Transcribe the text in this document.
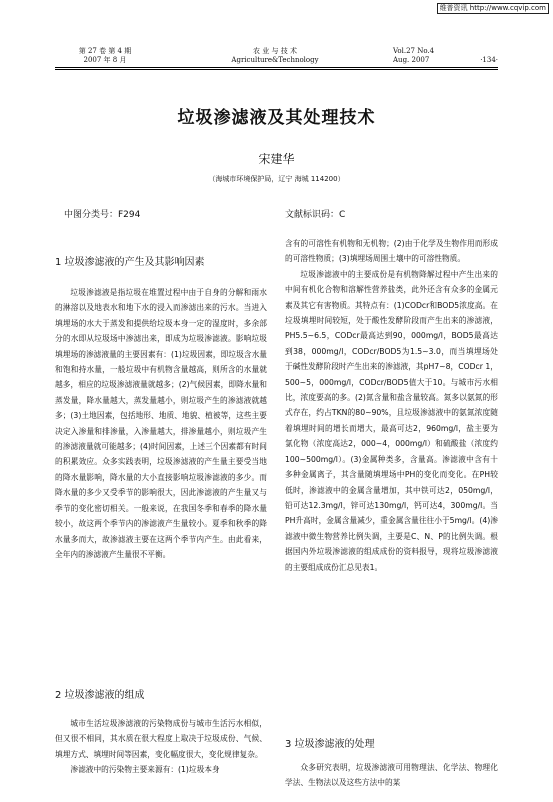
维普资讯 http://www.cqvip.com
第 27 卷 第 4 期
2007 年 8 月
农 业 与 技 术
Agriculture&Technology
Vol.27 No.4
Aug. 2007	·134·
垃圾渗滤液及其处理技术
宋建华
（海城市环境保护局，辽宁 海城 114200）
中图分类号：F294	文献标识码：C
1 垃圾渗滤液的产生及其影响因素

垃圾渗滤液是指垃圾在堆置过程中由于自身的分解和雨水的淋溶以及地表水和地下水的浸入而渗滤出来的污水。当进入填埋场的水大于蒸发和提供给垃圾本身一定的湿度时，多余部分的水即从垃圾场中渗滤出来，即成为垃圾渗滤液。影响垃圾填埋场的渗滤液量的主要因素有：(1)垃圾因素，即垃圾含水量和饱和持水量，一般垃圾中有机物含量越高，则所含的水量就越多，相应的垃圾渗滤液量就越多；(2)气候因素，即降水量和蒸发量，降水量越大，蒸发量越小，则垃圾产生的渗滤液就越多；(3)土地因素，包括地形、地质、地貌、植被等，这些主要决定入渗量和排渗量，入渗量越大，排渗量越小，则垃圾产生的渗滤液量就可能越多；(4)时间因素，上述三个因素都有时间的积累效应。众多实践表明，垃圾渗滤液的产生量主要受当地的降水量影响，降水量的大小直接影响垃圾渗滤液的多少。而降水量的多少又受季节的影响很大，因此渗滤液的产生量又与季节的变化密切相关。一般来说，在我国冬季和春季的降水量较小，故这两个季节内的渗滤液产生量较小。夏季和秋季的降水量多而大，故渗滤液主要在这两个季节内产生。由此看来，全年内的渗滤液产生量很不平衡。

2 垃圾渗滤液的组成

城市生活垃圾渗滤液的污染物成份与城市生活污水相似，但又很不相同，其水质在很大程度上取决于垃圾成份、气候、填埋方式、填埋时间等因素，变化幅度很大，变化规律复杂。

渗滤液中的污染物主要来源有：(1)垃圾本身

含有的可溶性有机物和无机物；(2)由于化学及生物作用而形成的可溶性物质；(3)填埋场周围土壤中的可溶性物质。

垃圾渗滤液中的主要成份是有机物降解过程中产生出来的中间有机化合物和溶解性营养盐类，此外还含有众多的金属元素及其它有害物质。其特点有：(1)CODcr和BOD5浓度高。在垃圾填埋时间较短，处于酸性发酵阶段而产生出来的渗滤液，PH5.5~6.5，CODcr最高达到90，000mg/l，BOD5最高达到38，000mg/l，CODcr/BOD5为1.5~3.0，而当填埋场处于碱性发酵阶段时产生出来的渗滤液，其pH7~8，CODcr 1，500~5，000mg/l，CODcr/BOD5值大于10。与城市污水相比，浓度要高的多。(2)氮含量和盐含量较高。氮多以氨氮的形式存在，约占TKN的80~90%，且垃圾渗滤液中的氨氮浓度随着填埋时间的增长而增大，最高可达2，960mg/l，盐主要为氯化物（浓度高达2，000~4，000mg/l）和硫酸盐（浓度约100~500mg/l）。(3)金属种类多，含量高。渗滤液中含有十多种金属离子，其含量随填埋场中PH的变化而变化。在PH较低时，渗滤液中的金属含量增加，其中铁可达2，050mg/l，铅可达12.3mg/l，锌可达130mg/l，钙可达4，300mg/l。当PH升高时，金属含量减少，重金属含量往往小于5mg/l。(4)渗滤液中微生物营养比例失调，主要是C、N、P的比例失调。根据国内外垃圾渗滤液的组成成份的资料报导，现将垃圾渗滤液的主要组成成份汇总见表1。

3 垃圾渗滤液的处理

众多研究表明，垃圾渗滤液可用物理法、化学法、物理化学法、生物法以及这些方法中的某
